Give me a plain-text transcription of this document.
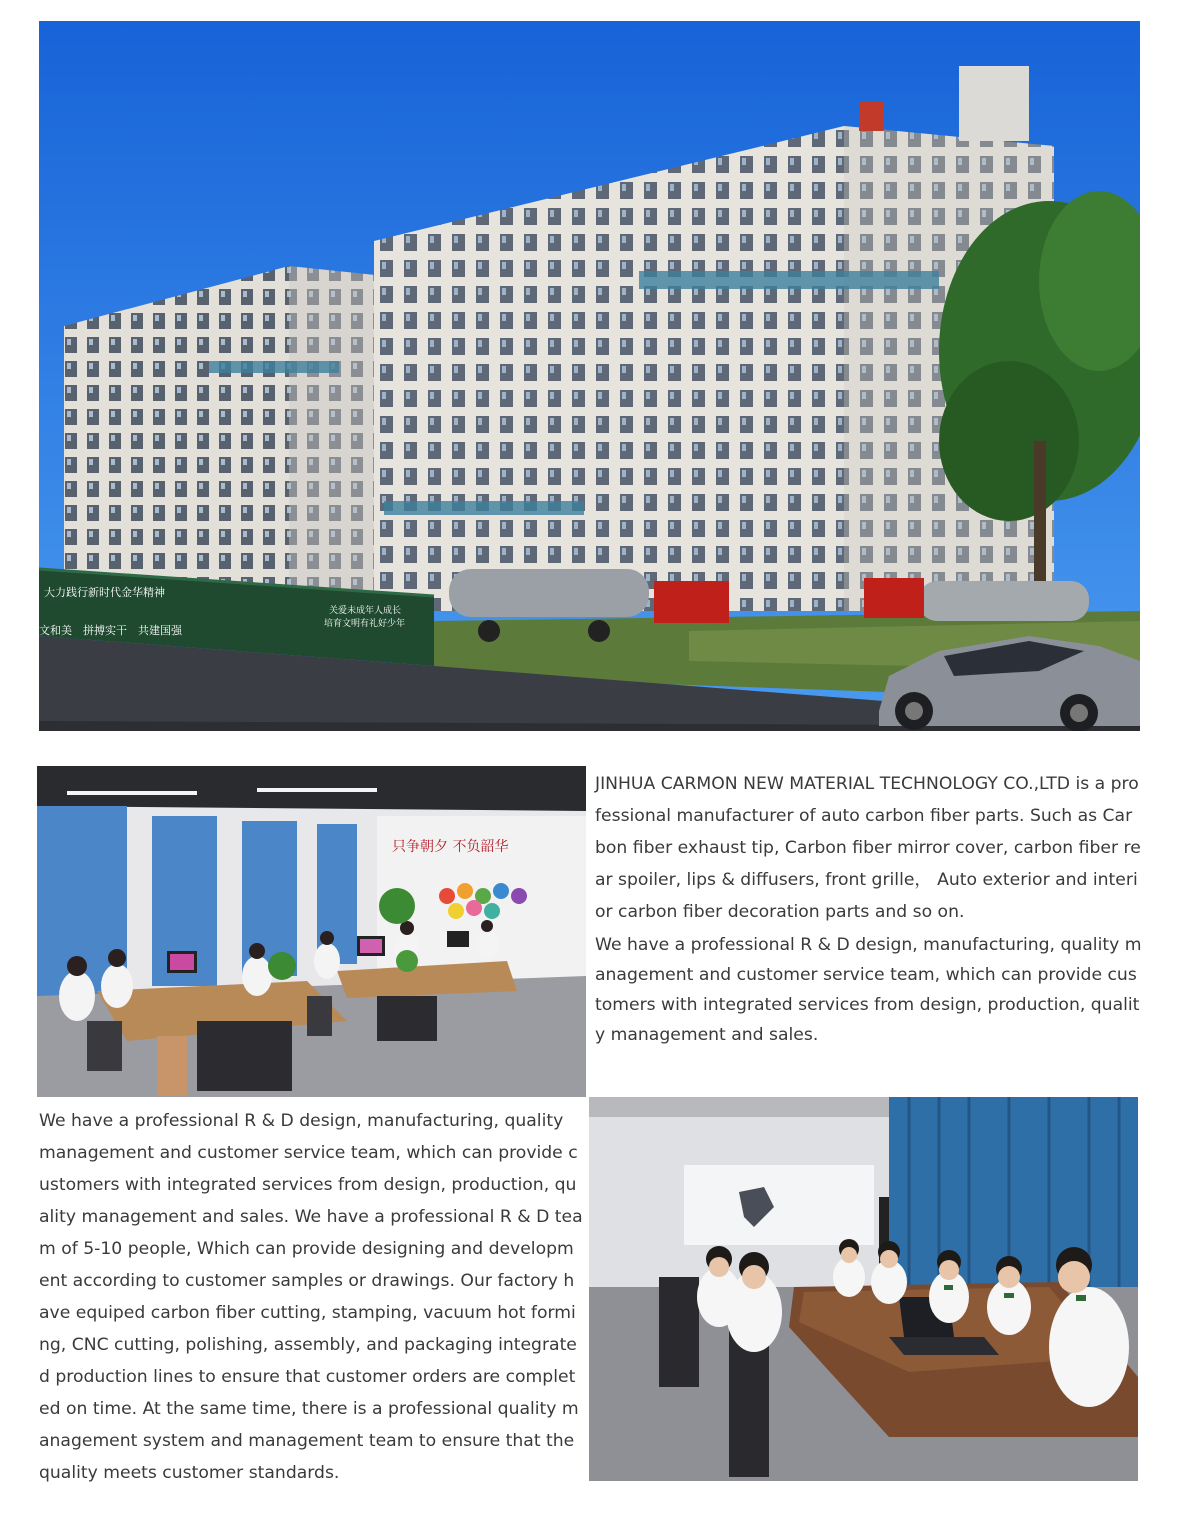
大力践行新时代金华精神
文和美　拼搏实干　共建国强
关爱未成年人成长
培育文明有礼好少年
只争朝夕 不负韶华

JINHUA CARMON NEW MATERIAL TECHNOLOGY CO.,LTD is a professional manufacturer of auto carbon fiber parts. Such as Carbon fiber exhaust tip, Carbon fiber mirror cover, carbon fiber rear spoiler, lips & diffusers, front grille， Auto exterior and interior carbon fiber decoration parts and so on.

We have a professional R & D design, manufacturing, quality management and customer service team, which can provide customers with integrated services from design, production, quality management and sales.

We have a professional R & D design, manufacturing, quality management and customer service team, which can provide customers with integrated services from design, production, quality management and sales. We have a professional R & D team of 5-10 people, Which can provide designing and development according to customer samples or drawings. Our factory have equiped carbon fiber cutting, stamping, vacuum hot forming, CNC cutting, polishing, assembly, and packaging integrated production lines to ensure that customer orders are completed on time. At the same time, there is a professional quality management system and management team to ensure that the quality meets customer standards.
